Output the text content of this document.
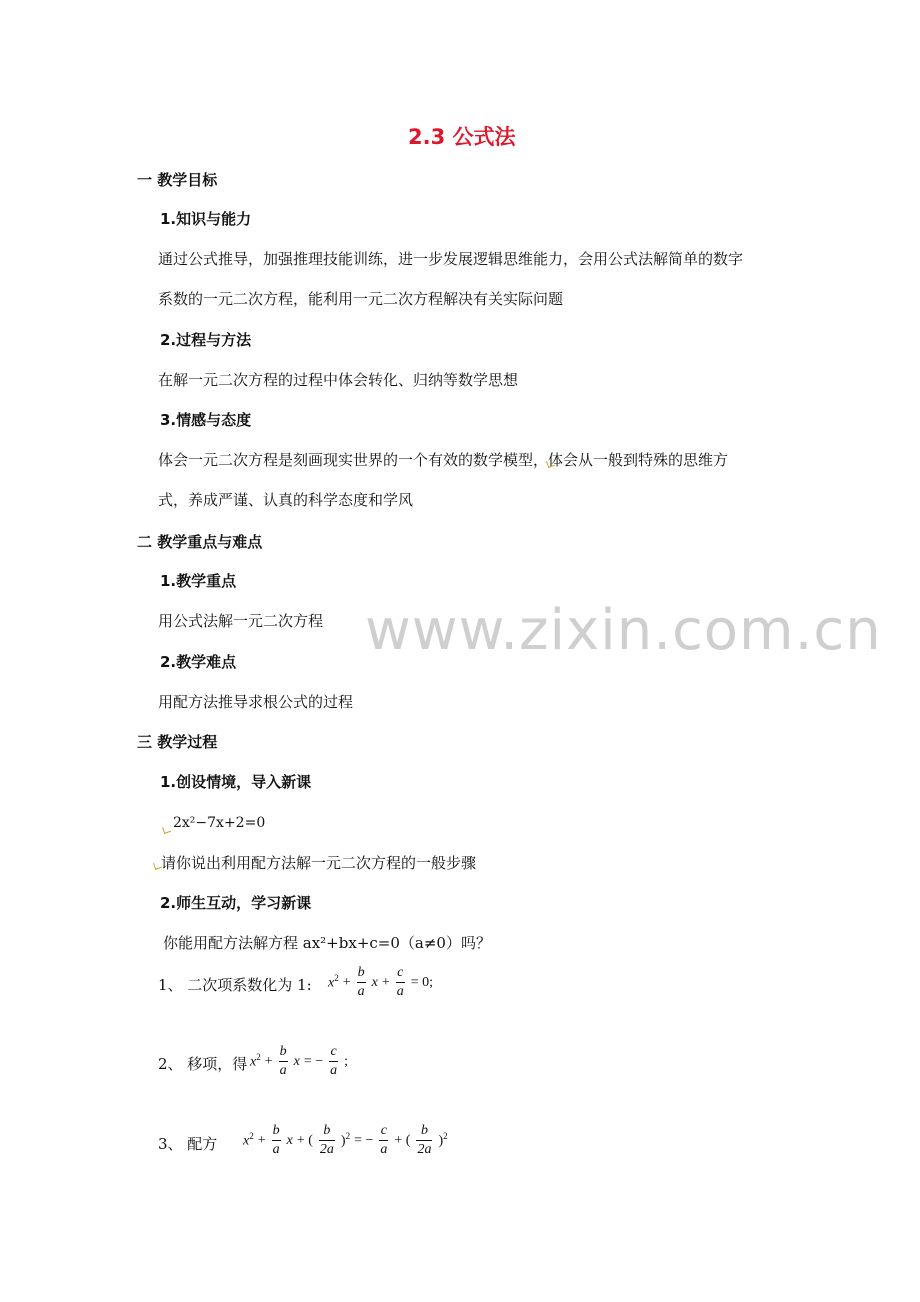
www.zixin.com.cn
2.3 公式法
一 教学目标
1.知识与能力
通过公式推导，加强推理技能训练，进一步发展逻辑思维能力，会用公式法解简单的数字
系数的一元二次方程，能利用一元二次方程解决有关实际问题
2.过程与方法
在解一元二次方程的过程中体会转化、归纳等数学思想
3.情感与态度
体会一元二次方程是刻画现实世界的一个有效的数学模型，体会从一般到特殊的思维方
式，养成严谨、认真的科学态度和学风
二 教学重点与难点
1.教学重点
用公式法解一元二次方程
2.教学难点
用配方法推导求根公式的过程
三 教学过程
1.创设情境，导入新课
2x²−7x+2=0
请你说出利用配方法解一元二次方程的一般步骤
2.师生互动，学习新课
你能用配方法解方程 ax²+bx+c=0（a≠0）吗？
1、 二次项系数化为 1: $x^2 + \frac{b}{a}$ $x + \frac{c}{a} = 0$;
2、 移项，得 $x^2 + \frac{b}{a}$ x = − $\frac{c}{a}$ ;
3、 配方 $x^2 + \frac{b}{a}$ x + ( $\frac{b}{2a} )^2$ = − $\frac{c}{a}$ + ( $\frac{b}{2a} )^2$
